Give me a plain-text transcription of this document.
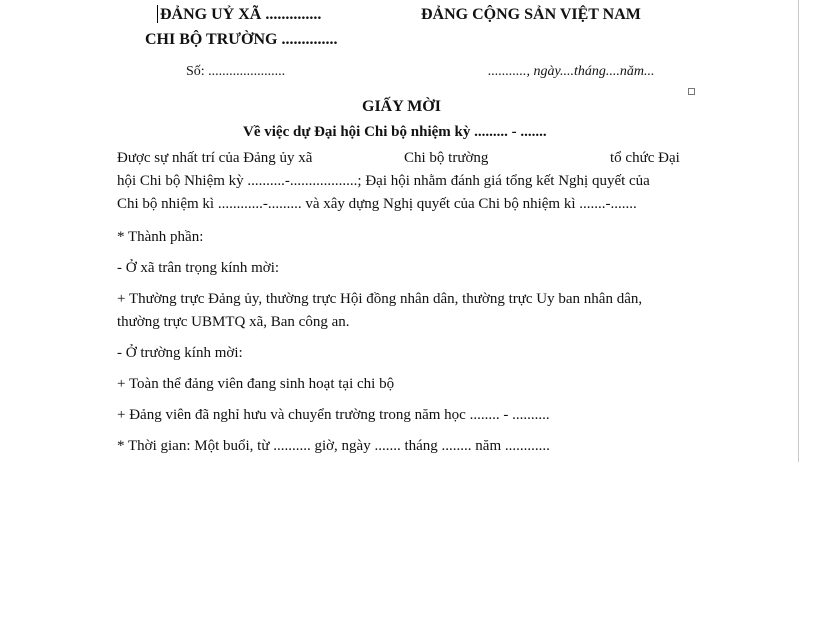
ĐẢNG UỶ XÃ ..............	ĐẢNG CỘNG SẢN VIỆT NAM
CHI BỘ TRƯỜNG ..............
Số: ......................	..........., ngày....tháng....năm...
GIẤY MỜI
Về việc dự Đại hội Chi bộ nhiệm kỳ ......... - .......
Được sự nhất trí của Đảng ủy xã	Chi bộ trường	tổ chức Đại
hội Chi bộ Nhiệm kỳ ..........-..................; Đại hội nhằm đánh giá tổng kết Nghị quyết của
Chi bộ nhiệm kì ............-......... và xây dựng Nghị quyết của Chi bộ nhiệm kì .......-.......
* Thành phần:
- Ở xã trân trọng kính mời:
+ Thường trực Đảng ủy, thường trực Hội đồng nhân dân, thường trực Uy ban nhân dân,
thường trực UBMTQ xã, Ban công an.
- Ở trường kính mời:
+ Toàn thể đảng viên đang sinh hoạt tại chi bộ
+ Đảng viên đã nghỉ hưu và chuyển trường trong năm học ........ - ..........
* Thời gian: Một buổi, từ .......... giờ, ngày ....... tháng ........ năm ............
